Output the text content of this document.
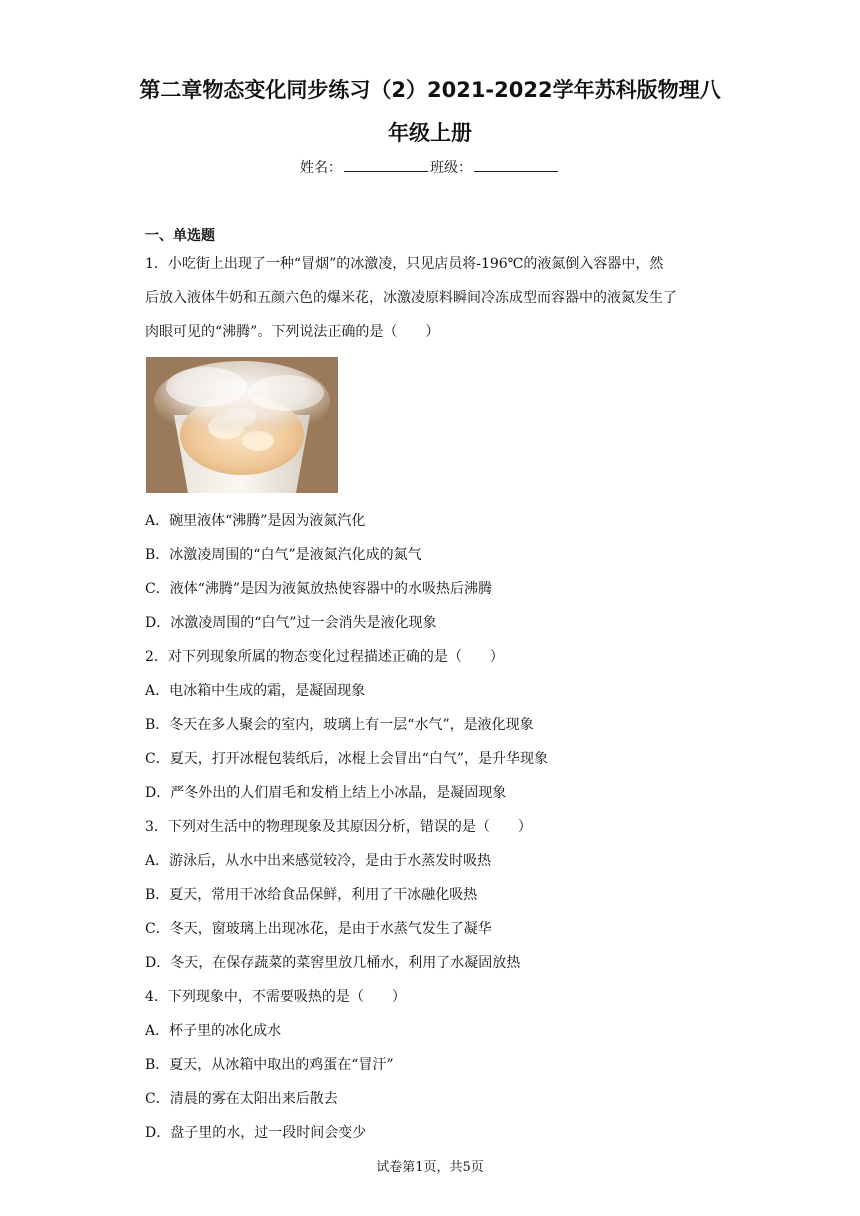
第二章物态变化同步练习（2）2021-2022学年苏科版物理八
年级上册
姓名：	班级：
一、单选题
1．小吃街上出现了一种“冒烟”的冰激凌，只见店员将-196℃的液氮倒入容器中，然
后放入液体牛奶和五颜六色的爆米花，冰激凌原料瞬间冷冻成型而容器中的液氮发生了
肉眼可见的“沸腾”。下列说法正确的是（　　）
A．碗里液体“沸腾”是因为液氮汽化
B．冰激凌周围的“白气”是液氮汽化成的氮气
C．液体“沸腾”是因为液氮放热使容器中的水吸热后沸腾
D．冰激凌周围的“白气”过一会消失是液化现象
2．对下列现象所属的物态变化过程描述正确的是（　　）
A．电冰箱中生成的霜，是凝固现象
B．冬天在多人聚会的室内，玻璃上有一层“水气”，是液化现象
C．夏天，打开冰棍包装纸后，冰棍上会冒出“白气”，是升华现象
D．严冬外出的人们眉毛和发梢上结上小冰晶，是凝固现象
3．下列对生活中的物理现象及其原因分析，错误的是（　　）
A．游泳后，从水中出来感觉较冷，是由于水蒸发时吸热
B．夏天，常用干冰给食品保鲜，利用了干冰融化吸热
C．冬天，窗玻璃上出现冰花，是由于水蒸气发生了凝华
D．冬天，在保存蔬菜的菜窖里放几桶水，利用了水凝固放热
4．下列现象中，不需要吸热的是（　　）
A．杯子里的冰化成水
B．夏天，从冰箱中取出的鸡蛋在“冒汗”
C．清晨的雾在太阳出来后散去
D．盘子里的水，过一段时间会变少
试卷第1页，共5页
